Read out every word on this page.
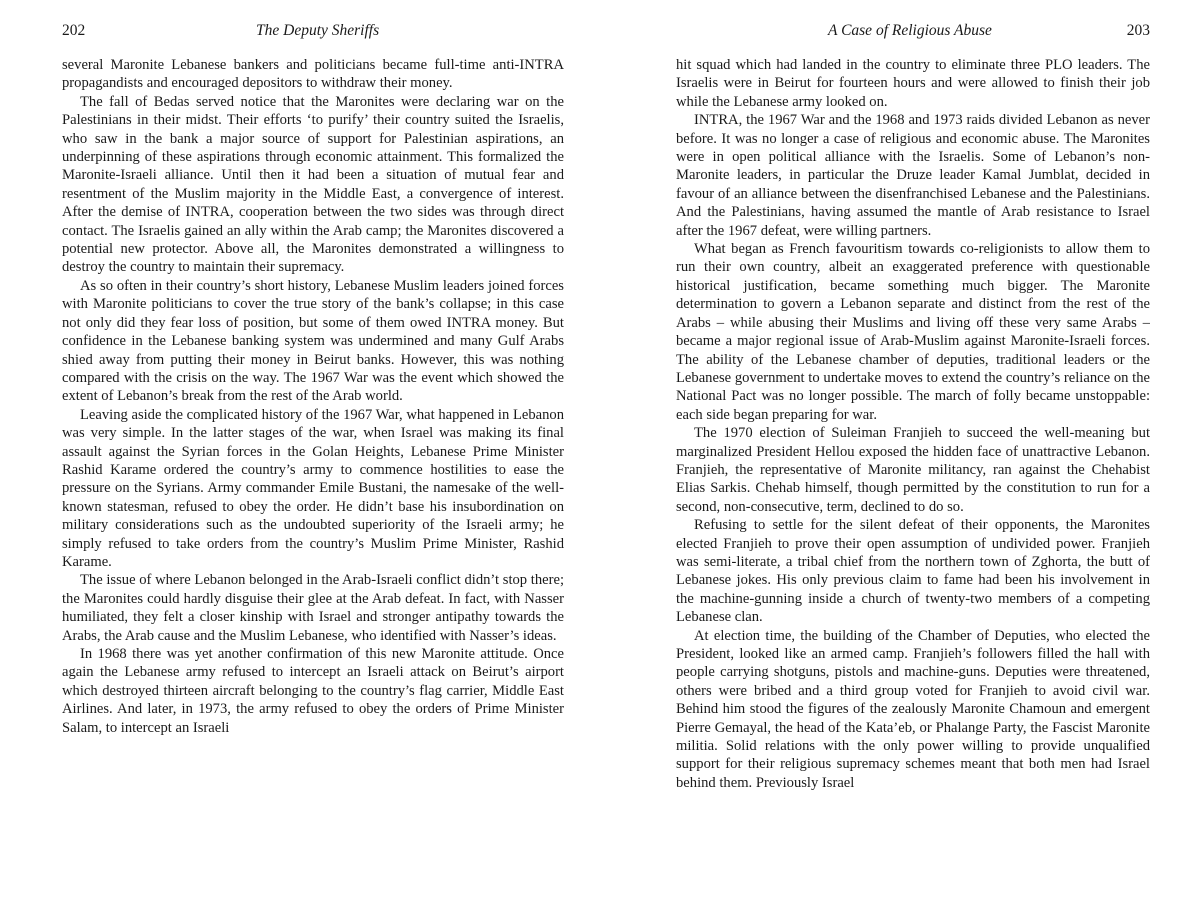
202	The Deputy Sheriffs

several Maronite Lebanese bankers and politicians became full-time anti-INTRA propagandists and encouraged depositors to withdraw their money.

The fall of Bedas served notice that the Maronites were declaring war on the Palestinians in their midst. Their efforts ‘to purify’ their country suited the Israelis, who saw in the bank a major source of support for Palestinian aspirations, an underpinning of these aspirations through economic attainment. This formalized the Maronite-Israeli alliance. Until then it had been a situation of mutual fear and resentment of the Muslim majority in the Middle East, a convergence of interest. After the demise of INTRA, cooperation between the two sides was through direct contact. The Israelis gained an ally within the Arab camp; the Maronites discovered a potential new protector. Above all, the Maronites demonstrated a willingness to destroy the country to maintain their supremacy.

As so often in their country’s short history, Lebanese Muslim leaders joined forces with Maronite politicians to cover the true story of the bank’s collapse; in this case not only did they fear loss of position, but some of them owed INTRA money. But confidence in the Lebanese banking system was undermined and many Gulf Arabs shied away from putting their money in Beirut banks. However, this was nothing compared with the crisis on the way. The 1967 War was the event which showed the extent of Lebanon’s break from the rest of the Arab world.

Leaving aside the complicated history of the 1967 War, what happened in Lebanon was very simple. In the latter stages of the war, when Israel was making its final assault against the Syrian forces in the Golan Heights, Lebanese Prime Minister Rashid Karame ordered the country’s army to commence hostilities to ease the pressure on the Syrians. Army commander Emile Bustani, the namesake of the well-known statesman, refused to obey the order. He didn’t base his insubordination on military considerations such as the undoubted superiority of the Israeli army; he simply refused to take orders from the country’s Muslim Prime Minister, Rashid Karame.

The issue of where Lebanon belonged in the Arab-Israeli conflict didn’t stop there; the Maronites could hardly disguise their glee at the Arab defeat. In fact, with Nasser humiliated, they felt a closer kinship with Israel and stronger antipathy towards the Arabs, the Arab cause and the Muslim Lebanese, who identified with Nasser’s ideas.

In 1968 there was yet another confirmation of this new Maronite attitude. Once again the Lebanese army refused to intercept an Israeli attack on Beirut’s airport which destroyed thirteen aircraft belonging to the country’s flag carrier, Middle East Airlines. And later, in 1973, the army refused to obey the orders of Prime Minister Salam, to intercept an Israeli

A Case of Religious Abuse	203

hit squad which had landed in the country to eliminate three PLO leaders. The Israelis were in Beirut for fourteen hours and were allowed to finish their job while the Lebanese army looked on.

INTRA, the 1967 War and the 1968 and 1973 raids divided Lebanon as never before. It was no longer a case of religious and economic abuse. The Maronites were in open political alliance with the Israelis. Some of Lebanon’s non-Maronite leaders, in particular the Druze leader Kamal Jumblat, decided in favour of an alliance between the disenfranchised Lebanese and the Palestinians. And the Palestinians, having assumed the mantle of Arab resistance to Israel after the 1967 defeat, were willing partners.

What began as French favouritism towards co-religionists to allow them to run their own country, albeit an exaggerated preference with questionable historical justification, became something much bigger. The Maronite determination to govern a Lebanon separate and distinct from the rest of the Arabs – while abusing their Muslims and living off these very same Arabs – became a major regional issue of Arab-Muslim against Maronite-Israeli forces. The ability of the Lebanese chamber of deputies, traditional leaders or the Lebanese government to undertake moves to extend the country’s reliance on the National Pact was no longer possible. The march of folly became unstoppable: each side began preparing for war.

The 1970 election of Suleiman Franjieh to succeed the well-meaning but marginalized President Hellou exposed the hidden face of unattractive Lebanon. Franjieh, the representative of Maronite militancy, ran against the Chehabist Elias Sarkis. Chehab himself, though permitted by the constitution to run for a second, non-consecutive, term, declined to do so.

Refusing to settle for the silent defeat of their opponents, the Maronites elected Franjieh to prove their open assumption of undivided power. Franjieh was semi-literate, a tribal chief from the northern town of Zghorta, the butt of Lebanese jokes. His only previous claim to fame had been his involvement in the machine-gunning inside a church of twenty-two members of a competing Lebanese clan.

At election time, the building of the Chamber of Deputies, who elected the President, looked like an armed camp. Franjieh’s followers filled the hall with people carrying shotguns, pistols and machine-guns. Deputies were threatened, others were bribed and a third group voted for Franjieh to avoid civil war. Behind him stood the figures of the zealously Maronite Chamoun and emergent Pierre Gemayal, the head of the Kata’eb, or Phalange Party, the Fascist Maronite militia. Solid relations with the only power willing to provide unqualified support for their religious supremacy schemes meant that both men had Israel behind them. Previously Israel
